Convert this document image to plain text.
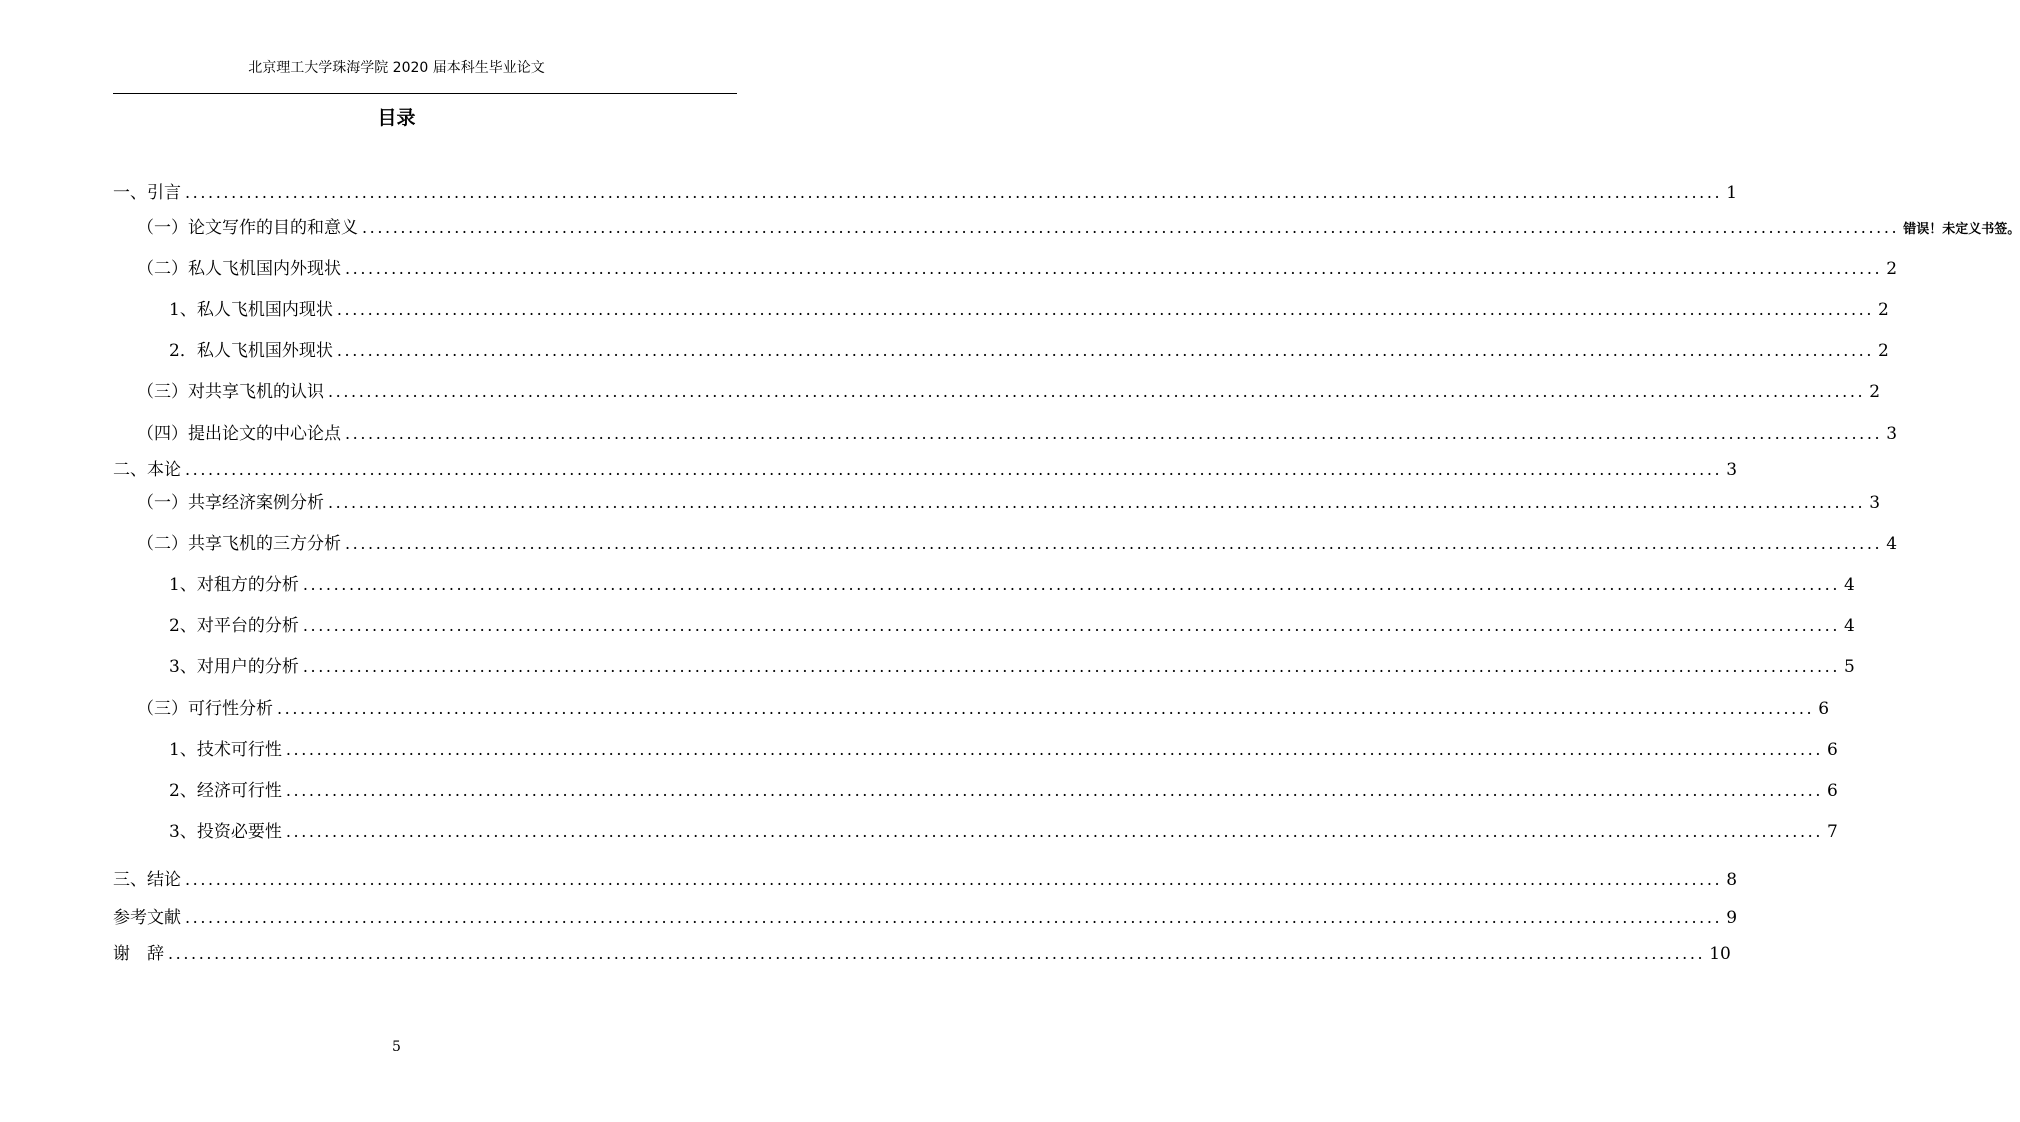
北京理工大学珠海学院 2020 届本科生毕业论文
目录
一、引言 ........................................................................................................................................................................................................ 1
（一）论文写作的目的和意义 ........................................................................................................................................................................................................ 错误！未定义书签。
（二）私人飞机国内外现状 ........................................................................................................................................................................................................ 2
1、私人飞机国内现状 ........................................................................................................................................................................................................ 2
2．私人飞机国外现状 ........................................................................................................................................................................................................ 2
（三）对共享飞机的认识 ........................................................................................................................................................................................................ 2
（四）提出论文的中心论点 ........................................................................................................................................................................................................ 3
二、本论 ........................................................................................................................................................................................................ 3
（一）共享经济案例分析 ........................................................................................................................................................................................................ 3
（二）共享飞机的三方分析 ........................................................................................................................................................................................................ 4
1、对租方的分析 ........................................................................................................................................................................................................ 4
2、对平台的分析 ........................................................................................................................................................................................................ 4
3、对用户的分析 ........................................................................................................................................................................................................ 5
（三）可行性分析 ........................................................................................................................................................................................................ 6
1、技术可行性 ........................................................................................................................................................................................................ 6
2、经济可行性 ........................................................................................................................................................................................................ 6
3、投资必要性 ........................................................................................................................................................................................................ 7
三、结论 ........................................................................................................................................................................................................ 8
参考文献 ........................................................................................................................................................................................................ 9
谢　辞 ........................................................................................................................................................................................................ 10
5
